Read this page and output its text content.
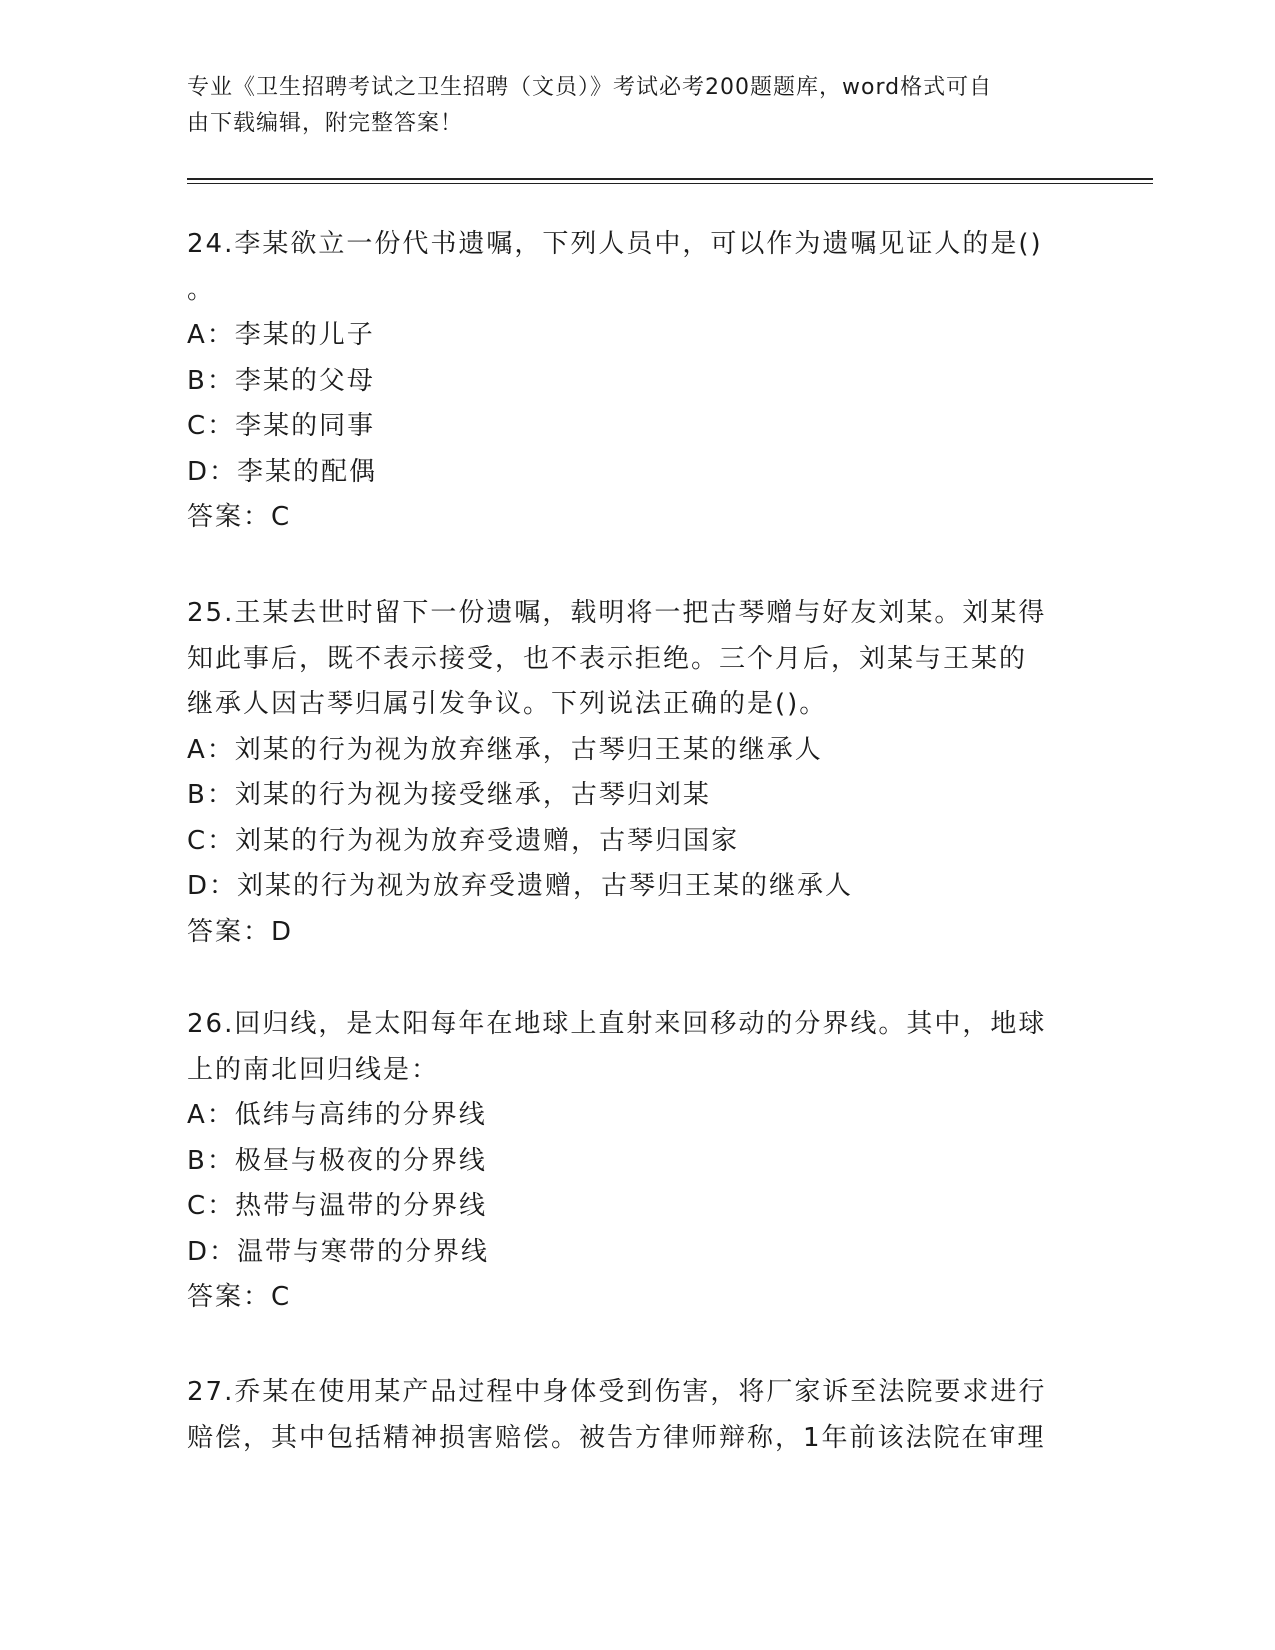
专业《卫生招聘考试之卫生招聘（文员）》考试必考200题题库，word格式可自
由下载编辑，附完整答案！
24.李某欲立一份代书遗嘱，下列人员中，可以作为遗嘱见证人的是()
。
A：李某的儿子
B：李某的父母
C：李某的同事
D：李某的配偶
答案：C
25.王某去世时留下一份遗嘱，载明将一把古琴赠与好友刘某。刘某得
知此事后，既不表示接受，也不表示拒绝。三个月后，刘某与王某的
继承人因古琴归属引发争议。下列说法正确的是()。
A：刘某的行为视为放弃继承，古琴归王某的继承人
B：刘某的行为视为接受继承，古琴归刘某
C：刘某的行为视为放弃受遗赠，古琴归国家
D：刘某的行为视为放弃受遗赠，古琴归王某的继承人
答案：D
26.回归线，是太阳每年在地球上直射来回移动的分界线。其中，地球
上的南北回归线是：
A：低纬与高纬的分界线
B：极昼与极夜的分界线
C：热带与温带的分界线
D：温带与寒带的分界线
答案：C
27.乔某在使用某产品过程中身体受到伤害，将厂家诉至法院要求进行
赔偿，其中包括精神损害赔偿。被告方律师辩称，1年前该法院在审理
